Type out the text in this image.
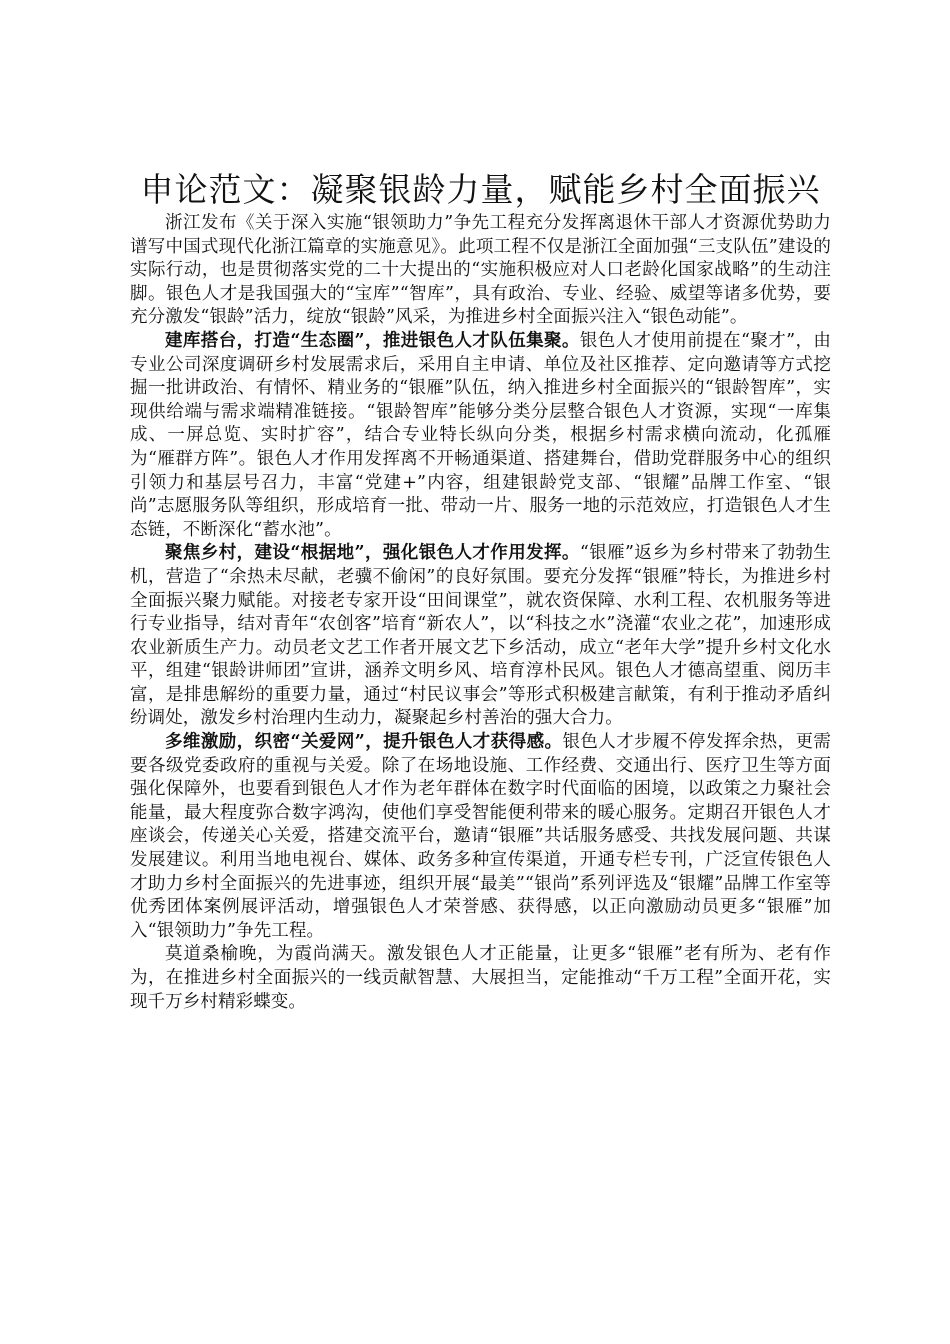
申论范文：凝聚银龄力量，赋能乡村全面振兴

浙江发布《关于深入实施“银领助力”争先工程充分发挥离退休干部人才资源优势助力谱写中国式现代化浙江篇章的实施意见》。此项工程不仅是浙江全面加强“三支队伍”建设的实际行动，也是贯彻落实党的二十大提出的“实施积极应对人口老龄化国家战略”的生动注脚。银色人才是我国强大的“宝库”“智库”，具有政治、专业、经验、威望等诸多优势，要充分激发“银龄”活力，绽放“银龄”风采，为推进乡村全面振兴注入“银色动能”。

建库搭台，打造“生态圈”，推进银色人才队伍集聚。银色人才使用前提在“聚才”，由专业公司深度调研乡村发展需求后，采用自主申请、单位及社区推荐、定向邀请等方式挖掘一批讲政治、有情怀、精业务的“银雁”队伍，纳入推进乡村全面振兴的“银龄智库”，实现供给端与需求端精准链接。“银龄智库”能够分类分层整合银色人才资源，实现“一库集成、一屏总览、实时扩容”，结合专业特长纵向分类，根据乡村需求横向流动，化孤雁为“雁群方阵”。银色人才作用发挥离不开畅通渠道、搭建舞台，借助党群服务中心的组织引领力和基层号召力，丰富“党建+”内容，组建银龄党支部、“银耀”品牌工作室、“银尚”志愿服务队等组织，形成培育一批、带动一片、服务一地的示范效应，打造银色人才生态链，不断深化“蓄水池”。

聚焦乡村，建设“根据地”，强化银色人才作用发挥。“银雁”返乡为乡村带来了勃勃生机，营造了“余热未尽献，老骥不偷闲”的良好氛围。要充分发挥“银雁”特长，为推进乡村全面振兴聚力赋能。对接老专家开设“田间课堂”，就农资保障、水利工程、农机服务等进行专业指导，结对青年“农创客”培育“新农人”，以“科技之水”浇灌“农业之花”，加速形成农业新质生产力。动员老文艺工作者开展文艺下乡活动，成立“老年大学”提升乡村文化水平，组建“银龄讲师团”宣讲，涵养文明乡风、培育淳朴民风。银色人才德高望重、阅历丰富，是排患解纷的重要力量，通过“村民议事会”等形式积极建言献策，有利于推动矛盾纠纷调处，激发乡村治理内生动力，凝聚起乡村善治的强大合力。

多维激励，织密“关爱网”，提升银色人才获得感。银色人才步履不停发挥余热，更需要各级党委政府的重视与关爱。除了在场地设施、工作经费、交通出行、医疗卫生等方面强化保障外，也要看到银色人才作为老年群体在数字时代面临的困境，以政策之力聚社会能量，最大程度弥合数字鸿沟，使他们享受智能便利带来的暖心服务。定期召开银色人才座谈会，传递关心关爱，搭建交流平台，邀请“银雁”共话服务感受、共找发展问题、共谋发展建议。利用当地电视台、媒体、政务多种宣传渠道，开通专栏专刊，广泛宣传银色人才助力乡村全面振兴的先进事迹，组织开展“最美”“银尚”系列评选及“银耀”品牌工作室等优秀团体案例展评活动，增强银色人才荣誉感、获得感，以正向激励动员更多“银雁”加入“银领助力”争先工程。

莫道桑榆晚，为霞尚满天。激发银色人才正能量，让更多“银雁”老有所为、老有作为，在推进乡村全面振兴的一线贡献智慧、大展担当，定能推动“千万工程”全面开花，实现千万乡村精彩蝶变。
